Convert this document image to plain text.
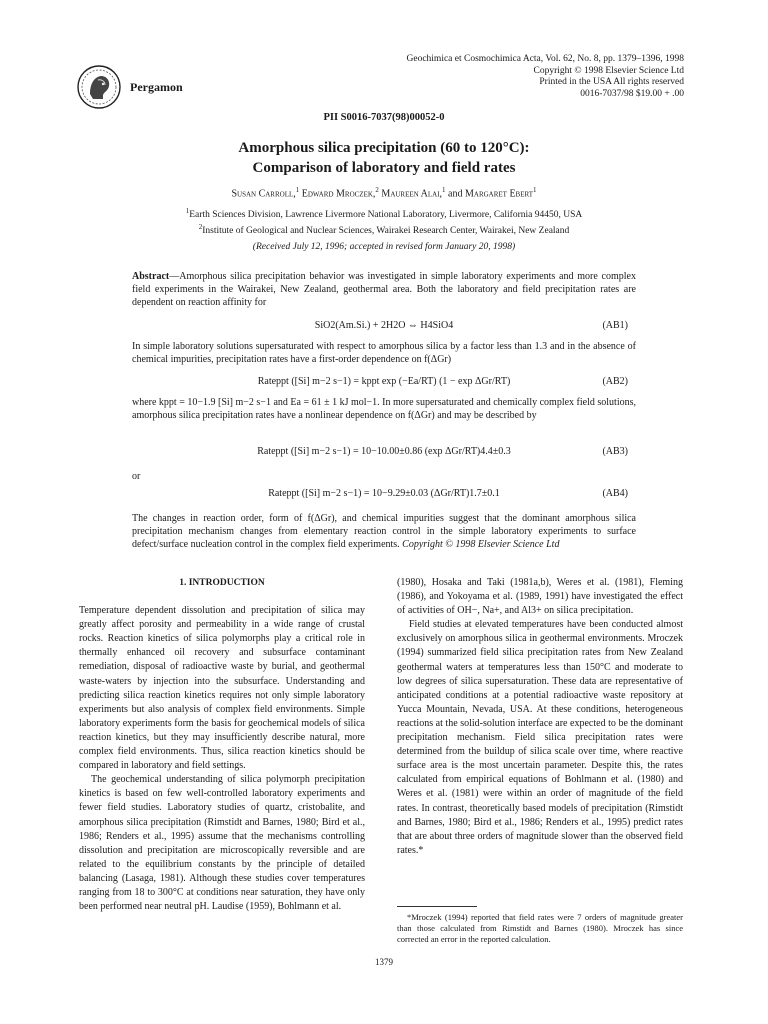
Pergamon
Geochimica et Cosmochimica Acta, Vol. 62, No. 8, pp. 1379–1396, 1998
Copyright © 1998 Elsevier Science Ltd
Printed in the USA All rights reserved
0016-7037/98 $19.00 + .00
PII S0016-7037(98)00052-0
Amorphous silica precipitation (60 to 120°C):
Comparison of laboratory and field rates
Susan Carroll,$^1$ Edward Mroczek,$^2$ Maureen Alai,$^1$ and Margaret Ebert$^1$
$^1$Earth Sciences Division, Lawrence Livermore National Laboratory, Livermore, California 94450, USA
$^2$Institute of Geological and Nuclear Sciences, Wairakei Research Center, Wairakei, New Zealand
(Received July 12, 1996; accepted in revised form January 20, 1998)

Abstract—Amorphous silica precipitation behavior was investigated in simple laboratory experiments and more complex field experiments in the Wairakei, New Zealand, geothermal area. Both the laboratory and field precipitation rates are dependent on reaction affinity for

SiO2(Am.Si.) + 2H2O ⇔ H4SiO4	(AB1)

In simple laboratory solutions supersaturated with respect to amorphous silica by a factor less than 1.3 and in the absence of chemical impurities, precipitation rates have a first-order dependence on f(ΔGr)

Rateppt ([Si] m−2 s−1) = kppt exp (−Ea/RT) (1 − exp ΔGr/RT)	(AB2)

where kppt = 10−1.9 [Si] m−2 s−1 and Ea = 61 ± 1 kJ mol−1. In more supersaturated and chemically complex field solutions, amorphous silica precipitation rates have a nonlinear dependence on f(ΔGr) and may be described by

Rateppt ([Si] m−2 s−1) = 10−10.00±0.86 (exp ΔGr/RT)4.4±0.3	(AB3)

or

Rateppt ([Si] m−2 s−1) = 10−9.29±0.03 (ΔGr/RT)1.7±0.1	(AB4)

The changes in reaction order, form of f(ΔGr), and chemical impurities suggest that the dominant amorphous silica precipitation mechanism changes from elementary reaction control in the simple laboratory experiments to surface defect/surface nucleation control in the complex field experiments. Copyright © 1998 Elsevier Science Ltd

1. INTRODUCTION

Temperature dependent dissolution and precipitation of silica may greatly affect porosity and permeability in a wide range of crustal rocks. Reaction kinetics of silica polymorphs play a critical role in thermally enhanced oil recovery and subsurface contaminant remediation, disposal of radioactive waste by burial, and geothermal waste-waters by injection into the subsurface. Understanding and predicting silica reaction kinetics requires not only simple laboratory experiments but also analysis of complex field environments. Simple laboratory experiments form the basis for geochemical models of silica reaction kinetics, but they may insufficiently describe natural, more complex field environments. Thus, silica reaction kinetics should be compared in laboratory and field settings.

The geochemical understanding of silica polymorph precipitation kinetics is based on few well-controlled laboratory experiments and fewer field studies. Laboratory studies of quartz, cristobalite, and amorphous silica precipitation (Rimstidt and Barnes, 1980; Bird et al., 1986; Renders et al., 1995) assume that the mechanisms controlling dissolution and precipitation are microscopically reversible and are related to the equilibrium constants by the principle of detailed balancing (Lasaga, 1981). Although these studies cover temperatures ranging from 18 to 300°C at conditions near saturation, they have only been performed near neutral pH. Laudise (1959), Bohlmann et al.

(1980), Hosaka and Taki (1981a,b), Weres et al. (1981), Fleming (1986), and Yokoyama et al. (1989, 1991) have investigated the effect of activities of OH−, Na+, and Al3+ on silica precipitation.

Field studies at elevated temperatures have been conducted almost exclusively on amorphous silica in geothermal environments. Mroczek (1994) summarized field silica precipitation rates from New Zealand geothermal waters at temperatures less than 150°C and moderate to low degrees of silica supersaturation. These data are representative of anticipated conditions at a potential radioactive waste repository at Yucca Mountain, Nevada, USA. At these conditions, heterogeneous reactions at the solid-solution interface are expected to be the dominant precipitation mechanism. Field silica precipitation rates were determined from the buildup of silica scale over time, where reactive surface area is the most uncertain parameter. Despite this, the rates calculated from empirical equations of Bohlmann et al. (1980) and Weres et al. (1981) were within an order of magnitude of the field rates. In contrast, theoretically based models of precipitation (Rimstidt and Barnes, 1980; Bird et al., 1986; Renders et al., 1995) predict rates that are about three orders of magnitude slower than the observed field rates.*

*Mroczek (1994) reported that field rates were 7 orders of magnitude greater than those calculated from Rimstidt and Barnes (1980). Mroczek has since corrected an error in the reported calculation.
1379
